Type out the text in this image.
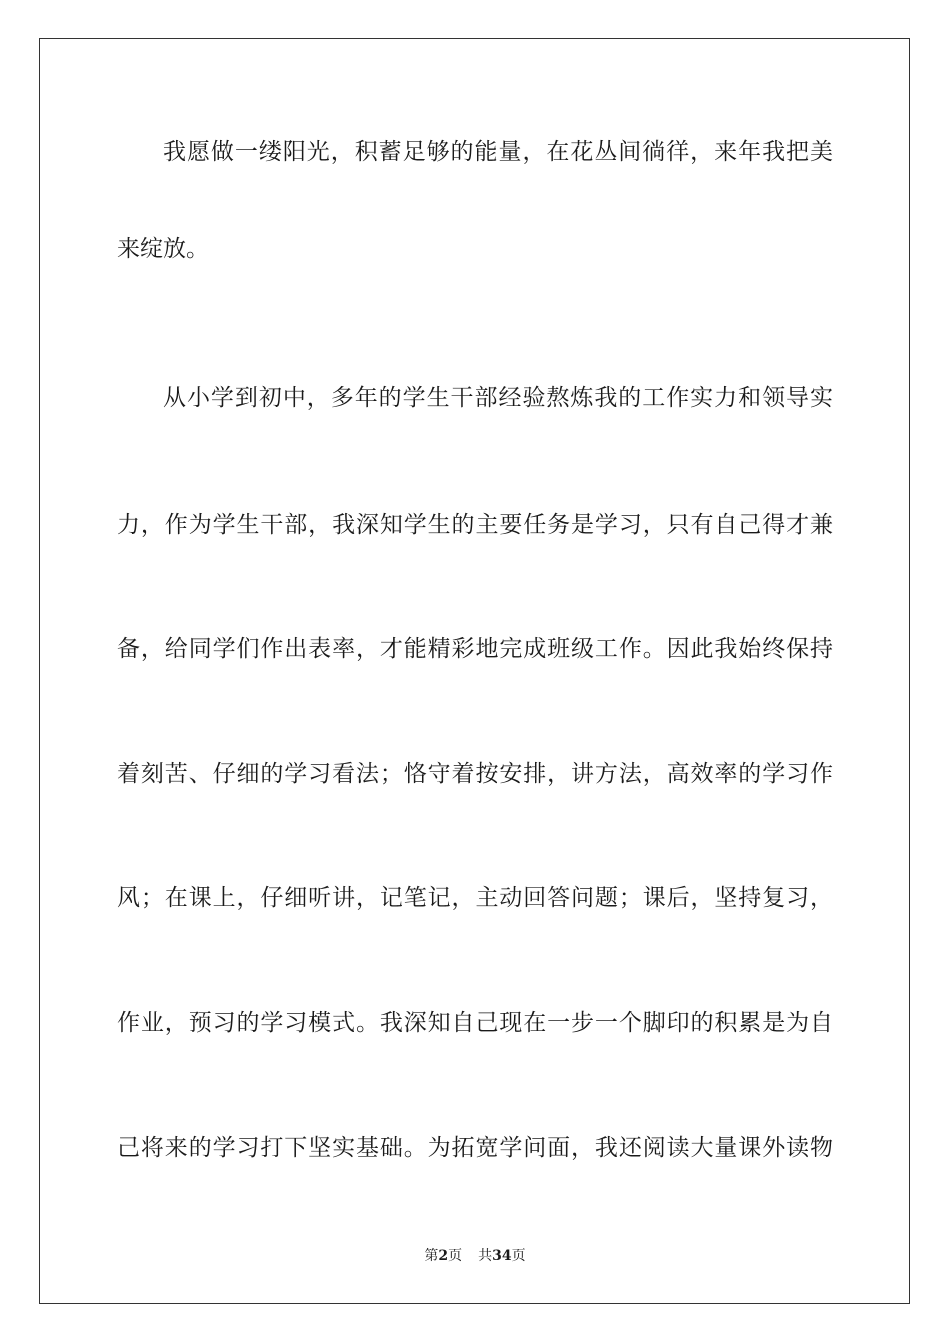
我愿做一缕阳光，积蓄足够的能量，在花丛间徜徉，来年我把美
来绽放。
从小学到初中，多年的学生干部经验熬炼我的工作实力和领导实
力，作为学生干部，我深知学生的主要任务是学习，只有自己得才兼
备，给同学们作出表率，才能精彩地完成班级工作。因此我始终保持
着刻苦、仔细的学习看法；恪守着按安排，讲方法，高效率的学习作
风；在课上，仔细听讲，记笔记，主动回答问题；课后，坚持复习，
作业，预习的学习模式。我深知自己现在一步一个脚印的积累是为自
己将来的学习打下坚实基础。为拓宽学问面，我还阅读大量课外读物
第2页 共34页
